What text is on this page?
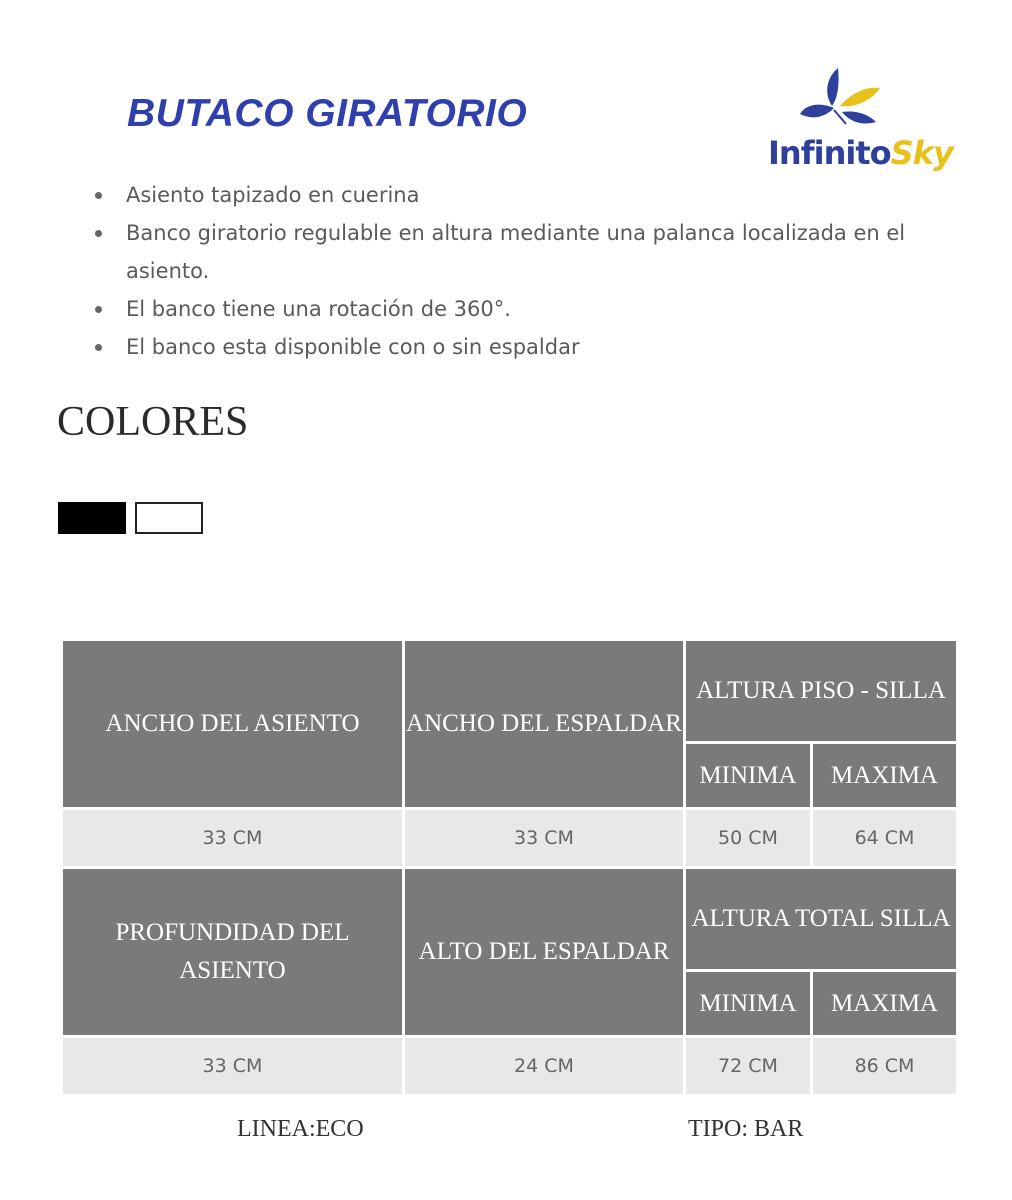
BUTACO GIRATORIO
InfinitoSky
Asiento tapizado en cuerina
Banco giratorio regulable en altura mediante una palanca localizada en el asiento.
El banco tiene una rotación de 360°.
El banco esta disponible con o sin espaldar
COLORES
ANCHO DEL ASIENTO	ANCHO DEL ESPALDAR	ALTURA PISO - SILLA	
		MINIMA	MAXIMA
33 CM	33 CM	50 CM	64 CM
PROFUNDIDAD DEL ASIENTO	ALTO DEL ESPALDAR	ALTURA TOTAL SILLA	
		MINIMA	MAXIMA
33 CM	24 CM	72 CM	86 CM
LINEA:ECO	TIPO: BAR
